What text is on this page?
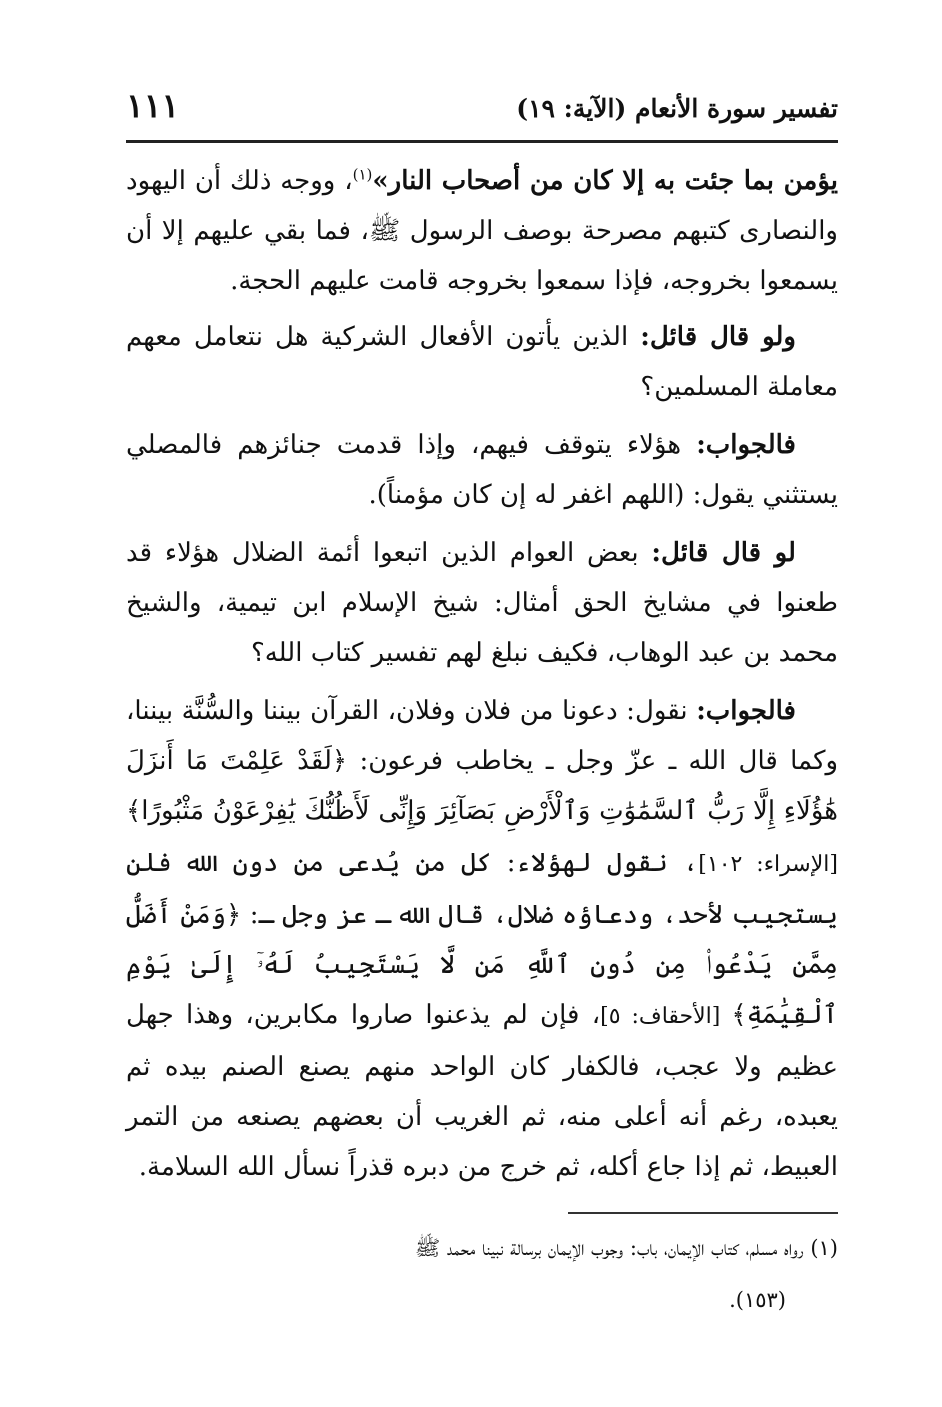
تفسير سورة الأنعام (الآية: ١٩)
١١١

يؤمن بما جئت به إلا كان من أصحاب النار»$^{(١)}$، ووجه ذلك أن اليهود والنصارى كتبهم مصرحة بوصف الرسول ﷺ، فما بقي عليهم إلا أن يسمعوا بخروجه، فإذا سمعوا بخروجه قامت عليهم الحجة.

ولو قال قائل: الذين يأتون الأفعال الشركية هل نتعامل معهم معاملة المسلمين؟

فالجواب: هؤلاء يتوقف فيهم، وإذا قدمت جنائزهم فالمصلي يستثني يقول: (اللهم اغفر له إن كان مؤمناً).

لو قال قائل: بعض العوام الذين اتبعوا أئمة الضلال هؤلاء قد طعنوا في مشايخ الحق أمثال: شيخ الإسلام ابن تيمية، والشيخ محمد بن عبد الوهاب، فكيف نبلغ لهم تفسير كتاب الله؟

فالجواب: نقول: دعونا من فلان وفلان، القرآن بيننا والسُّنَّة بيننا، وكما قال الله ـ عزّ وجل ـ يخاطب فرعون: ﴿لَقَدْ عَلِمْتَ مَا أَنزَلَ هَٰؤُلَاءِ إِلَّا رَبُّ ٱلسَّمَٰوَٰتِ وَٱلْأَرْضِ بَصَآئِرَ وَإِنِّى لَأَظُنُّكَ يَٰفِرْعَوْنُ مَثْبُورًا﴾ [الإسراء: ١٠٢]، نقول لهؤلاء: كل من يُدعى من دون الله فلن يستجيب لأحد، ودعاؤه ضلال، قال الله ـ عز وجل ـ: ﴿وَمَنْ أَضَلُّ مِمَّن يَدْعُوا۟ مِن دُونِ ٱللَّهِ مَن لَّا يَسْتَجِيبُ لَهُۥٓ إِلَىٰ يَوْمِ ٱلْقِيَٰمَةِ﴾ [الأحقاف: ٥]، فإن لم يذعنوا صاروا مكابرين، وهذا جهل عظيم ولا عجب، فالكفار كان الواحد منهم يصنع الصنم بيده ثم يعبده، رغم أنه أعلى منه، ثم الغريب أن بعضهم يصنعه من التمر العبيط، ثم إذا جاع أكله، ثم خرج من دبره قذراً نسأل الله السلامة.

(١) رواه مسلم، كتاب الإيمان، باب: وجوب الإيمان برسالة نبينا محمد ﷺ

(١٥٣).
